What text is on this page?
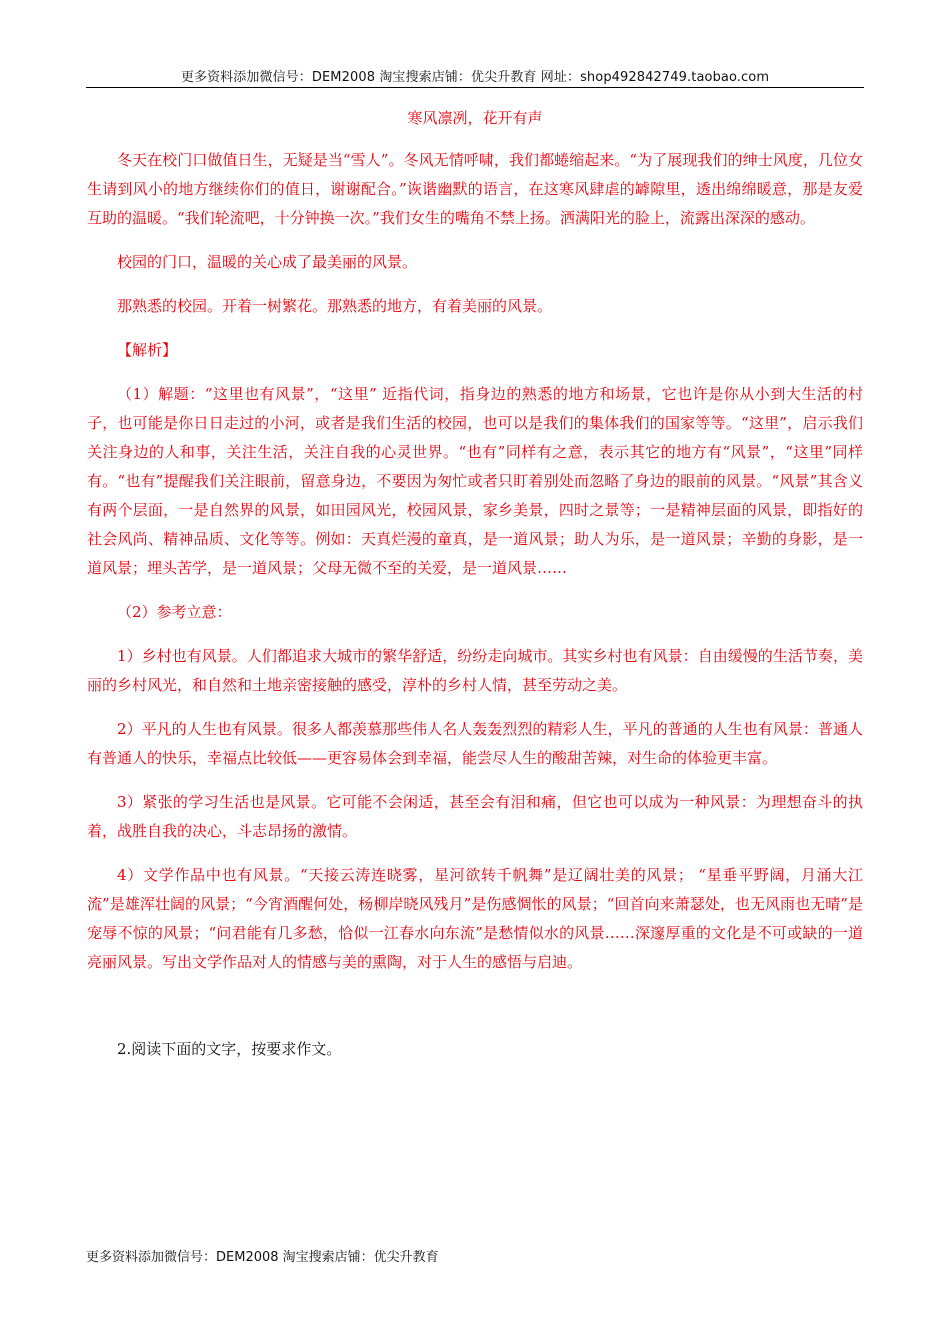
更多资料添加微信号：DEM2008 淘宝搜索店铺：优尖升教育 网址：shop492842749.taobao.com

寒风凛冽，花开有声

冬天在校门口做值日生，无疑是当“雪人”。冬风无情呼啸，我们都蜷缩起来。“为了展现我们的绅士风度，几位女生请到风小的地方继续你们的值日，谢谢配合。”诙谐幽默的语言，在这寒风肆虐的罅隙里，透出绵绵暖意，那是友爱互助的温暖。“我们轮流吧，十分钟换一次。”我们女生的嘴角不禁上扬。洒满阳光的脸上，流露出深深的感动。

校园的门口，温暖的关心成了最美丽的风景。

那熟悉的校园。开着一树繁花。那熟悉的地方，有着美丽的风景。

【解析】

（1）解题：“这里也有风景”，“这里” 近指代词，指身边的熟悉的地方和场景，它也许是你从小到大生活的村子，也可能是你日日走过的小河，或者是我们生活的校园，也可以是我们的集体我们的国家等等。“这里”，启示我们关注身边的人和事，关注生活，关注自我的心灵世界。“也有”同样有之意，表示其它的地方有“风景”，“这里”同样有。“也有”提醒我们关注眼前，留意身边，不要因为匆忙或者只盯着别处而忽略了身边的眼前的风景。“风景”其含义有两个层面，一是自然界的风景，如田园风光，校园风景，家乡美景，四时之景等；一是精神层面的风景，即指好的社会风尚、精神品质、文化等等。例如：天真烂漫的童真，是一道风景；助人为乐，是一道风景；辛勤的身影，是一道风景；埋头苦学，是一道风景；父母无微不至的关爱，是一道风景……

（2）参考立意：

1）乡村也有风景。人们都追求大城市的繁华舒适，纷纷走向城市。其实乡村也有风景：自由缓慢的生活节奏，美丽的乡村风光，和自然和土地亲密接触的感受，淳朴的乡村人情，甚至劳动之美。

2）平凡的人生也有风景。很多人都羡慕那些伟人名人轰轰烈烈的精彩人生，平凡的普通的人生也有风景：普通人有普通人的快乐，幸福点比较低——更容易体会到幸福，能尝尽人生的酸甜苦辣，对生命的体验更丰富。

3）紧张的学习生活也是风景。它可能不会闲适，甚至会有泪和痛，但它也可以成为一种风景：为理想奋斗的执着，战胜自我的决心，斗志昂扬的激情。

4）文学作品中也有风景。“天接云涛连晓雾，星河欲转千帆舞”是辽阔壮美的风景； “星垂平野阔，月涌大江流”是雄浑壮阔的风景；“今宵酒醒何处，杨柳岸晓风残月”是伤感惆怅的风景；“回首向来萧瑟处，也无风雨也无晴”是宠辱不惊的风景；“问君能有几多愁，恰似一江春水向东流”是愁情似水的风景……深邃厚重的文化是不可或缺的一道亮丽风景。写出文学作品对人的情感与美的熏陶，对于人生的感悟与启迪。

2.阅读下面的文字，按要求作文。

更多资料添加微信号：DEM2008 淘宝搜索店铺：优尖升教育
